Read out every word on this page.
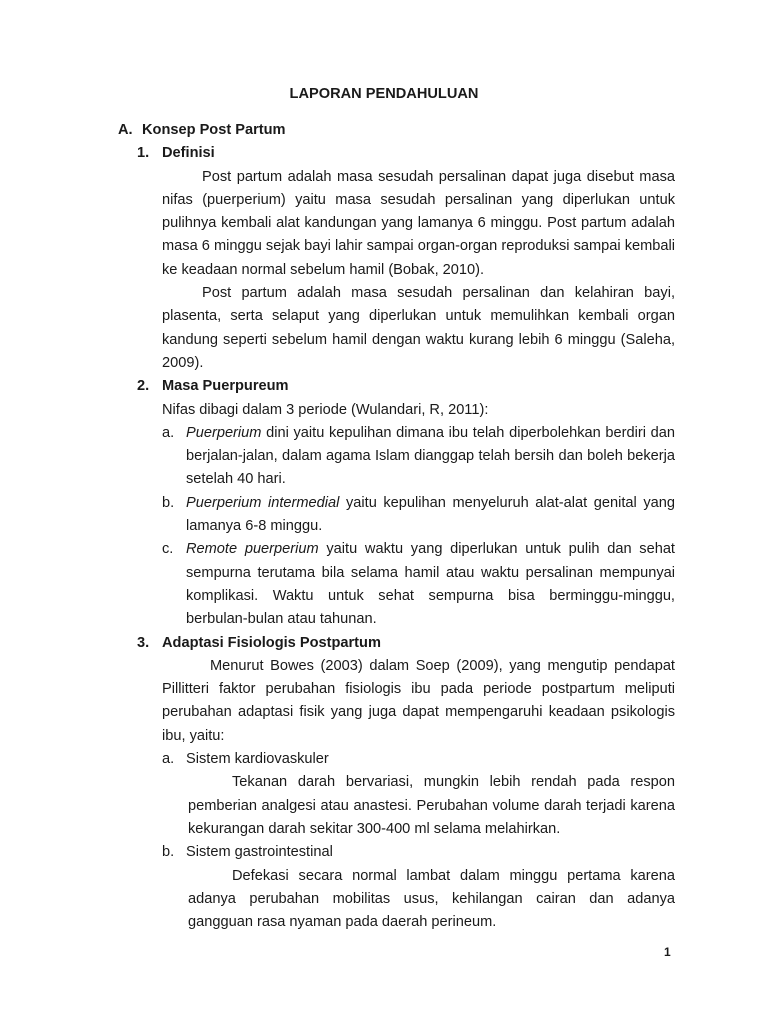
LAPORAN PENDAHULUAN
A. Konsep Post Partum
1. Definisi
Post partum adalah masa sesudah persalinan dapat juga disebut masa nifas (puerperium) yaitu masa sesudah persalinan yang diperlukan untuk pulihnya kembali alat kandungan yang lamanya 6 minggu. Post partum adalah masa 6 minggu sejak bayi lahir sampai organ-organ reproduksi sampai kembali ke keadaan normal sebelum hamil (Bobak, 2010).
Post partum adalah masa sesudah persalinan dan kelahiran bayi, plasenta, serta selaput yang diperlukan untuk memulihkan kembali organ kandung seperti sebelum hamil dengan waktu kurang lebih 6 minggu (Saleha, 2009).
2. Masa Puerpureum
Nifas dibagi dalam 3 periode (Wulandari, R, 2011):
a. Puerperium dini yaitu kepulihan dimana ibu telah diperbolehkan berdiri dan berjalan-jalan, dalam agama Islam dianggap telah bersih dan boleh bekerja setelah 40 hari.
b. Puerperium intermedial yaitu kepulihan menyeluruh alat-alat genital yang lamanya 6-8 minggu.
c. Remote puerperium yaitu waktu yang diperlukan untuk pulih dan sehat sempurna terutama bila selama hamil atau waktu persalinan mempunyai komplikasi. Waktu untuk sehat sempurna bisa berminggu-minggu, berbulan-bulan atau tahunan.
3. Adaptasi Fisiologis Postpartum
Menurut Bowes (2003) dalam Soep (2009), yang mengutip pendapat Pillitteri faktor perubahan fisiologis ibu pada periode postpartum meliputi perubahan adaptasi fisik yang juga dapat mempengaruhi keadaan psikologis ibu, yaitu:
a. Sistem kardiovaskuler
Tekanan darah bervariasi, mungkin lebih rendah pada respon pemberian analgesi atau anastesi. Perubahan volume darah terjadi karena kekurangan darah sekitar 300-400 ml selama melahirkan.
b. Sistem gastrointestinal
Defekasi secara normal lambat dalam minggu pertama karena adanya perubahan mobilitas usus, kehilangan cairan dan adanya gangguan rasa nyaman pada daerah perineum.
1
